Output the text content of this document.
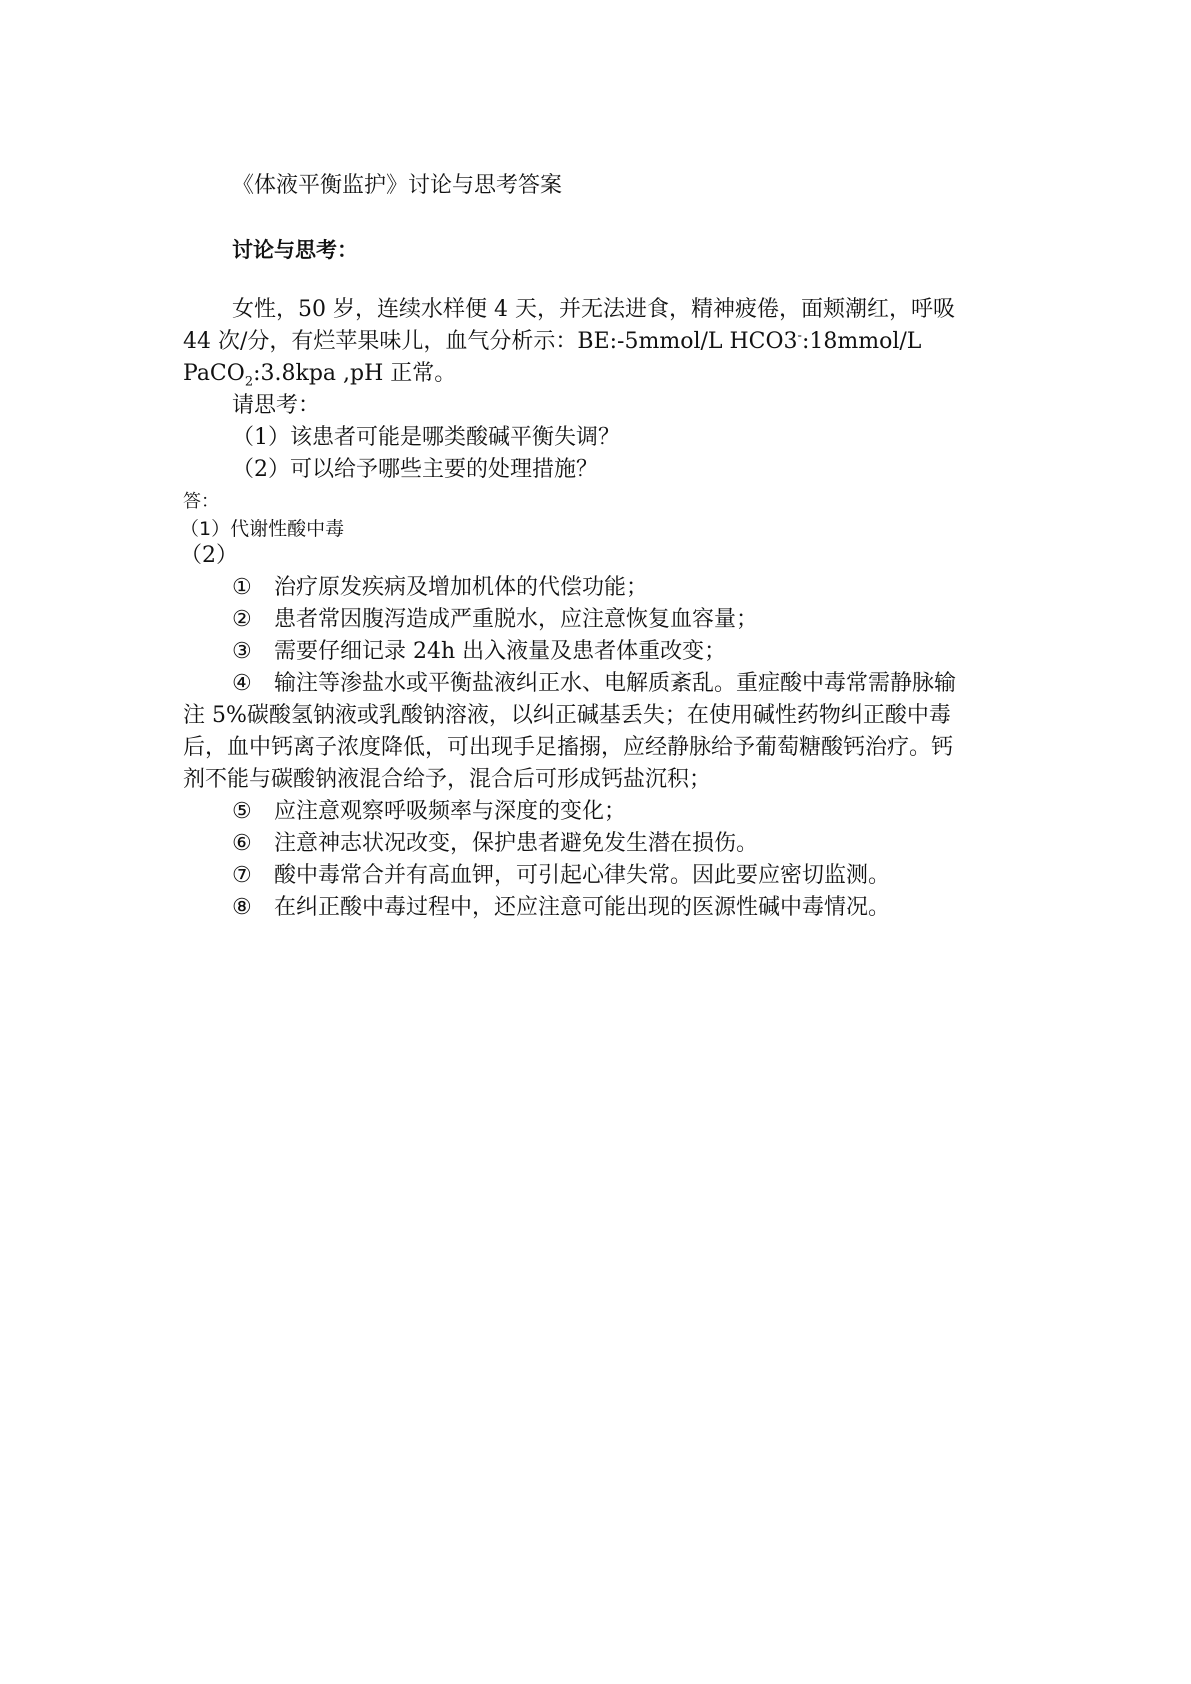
《体液平衡监护》讨论与思考答案
讨论与思考：
女性，50 岁，连续水样便 4 天，并无法进食，精神疲倦，面颊潮红，呼吸
44 次/分，有烂苹果味儿，血气分析示：BE:-5mmol/L HCO3-:18mmol/L
PaCO$_2$:3.8kpa ,pH 正常。
请思考：
（1）该患者可能是哪类酸碱平衡失调？
（2）可以给予哪些主要的处理措施？
答：
（1）代谢性酸中毒
（2）
① 治疗原发疾病及增加机体的代偿功能；
② 患者常因腹泻造成严重脱水，应注意恢复血容量；
③ 需要仔细记录 24h 出入液量及患者体重改变；
④ 输注等渗盐水或平衡盐液纠正水、电解质紊乱。重症酸中毒常需静脉输
注 5%碳酸氢钠液或乳酸钠溶液，以纠正碱基丢失；在使用碱性药物纠正酸中毒
后，血中钙离子浓度降低，可出现手足搐搦，应经静脉给予葡萄糖酸钙治疗。钙
剂不能与碳酸钠液混合给予，混合后可形成钙盐沉积；
⑤ 应注意观察呼吸频率与深度的变化；
⑥ 注意神志状况改变，保护患者避免发生潜在损伤。
⑦ 酸中毒常合并有高血钾，可引起心律失常。因此要应密切监测。
⑧ 在纠正酸中毒过程中，还应注意可能出现的医源性碱中毒情况。
